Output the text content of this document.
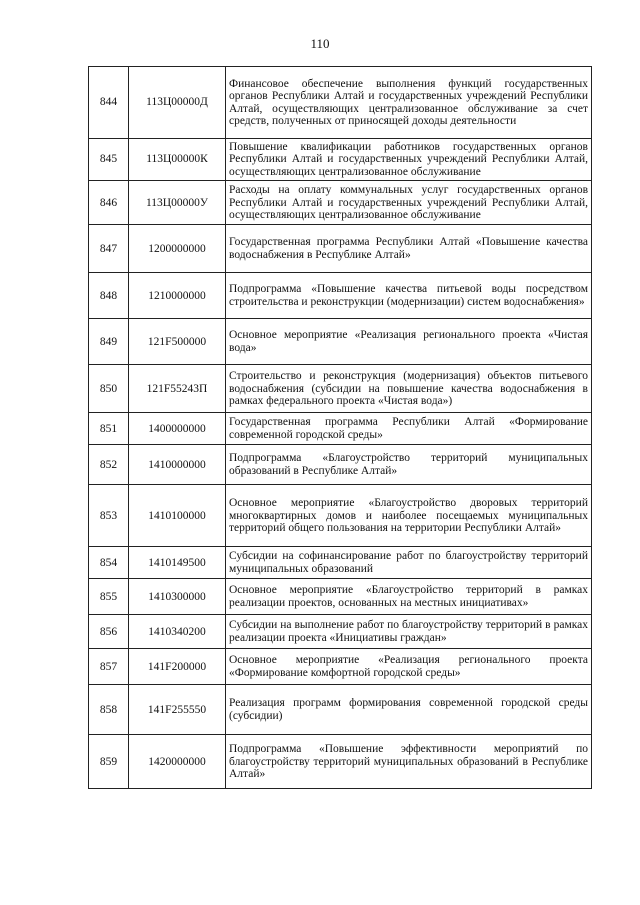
110
844	113Ц00000Д	Финансовое обеспечение выполнения функций государственных органов Республики Алтай и государственных учреждений Республики Алтай, осуществляющих централизованное обслуживание за счет средств, полученных от приносящей доходы деятельности
845	113Ц00000К	Повышение квалификации работников государственных органов Республики Алтай и государственных учреждений Республики Алтай, осуществляющих централизованное обслуживание
846	113Ц00000У	Расходы на оплату коммунальных услуг государственных органов Республики Алтай и государственных учреждений Республики Алтай, осуществляющих централизованное обслуживание
847	1200000000	Государственная программа Республики Алтай «Повышение качества водоснабжения в Республике Алтай»
848	1210000000	Подпрограмма «Повышение качества питьевой воды посредством строительства и реконструкции (модернизации) систем водоснабжения»
849	121F500000	Основное мероприятие «Реализация регионального проекта «Чистая вода»
850	121F55243П	Строительство и реконструкция (модернизация) объектов питьевого водоснабжения (субсидии на повышение качества водоснабжения в рамках федерального проекта «Чистая вода»)
851	1400000000	Государственная программа Республики Алтай «Формирование современной городской среды»
852	1410000000	Подпрограмма «Благоустройство территорий муниципальных образований в Республике Алтай»
853	1410100000	Основное мероприятие «Благоустройство дворовых территорий многоквартирных домов и наиболее посещаемых муниципальных территорий общего пользования на территории Республики Алтай»
854	1410149500	Субсидии на софинансирование работ по благоустройству территорий муниципальных образований
855	1410300000	Основное мероприятие «Благоустройство территорий в рамках реализации проектов, основанных на местных инициативах»
856	1410340200	Субсидии на выполнение работ по благоустройству территорий в рамках реализации проекта «Инициативы граждан»
857	141F200000	Основное мероприятие «Реализация регионального проекта «Формирование комфортной городской среды»
858	141F255550	Реализация программ формирования современной городской среды (субсидии)
859	1420000000	Подпрограмма «Повышение эффективности мероприятий по благоустройству территорий муниципальных образований в Республике Алтай»
